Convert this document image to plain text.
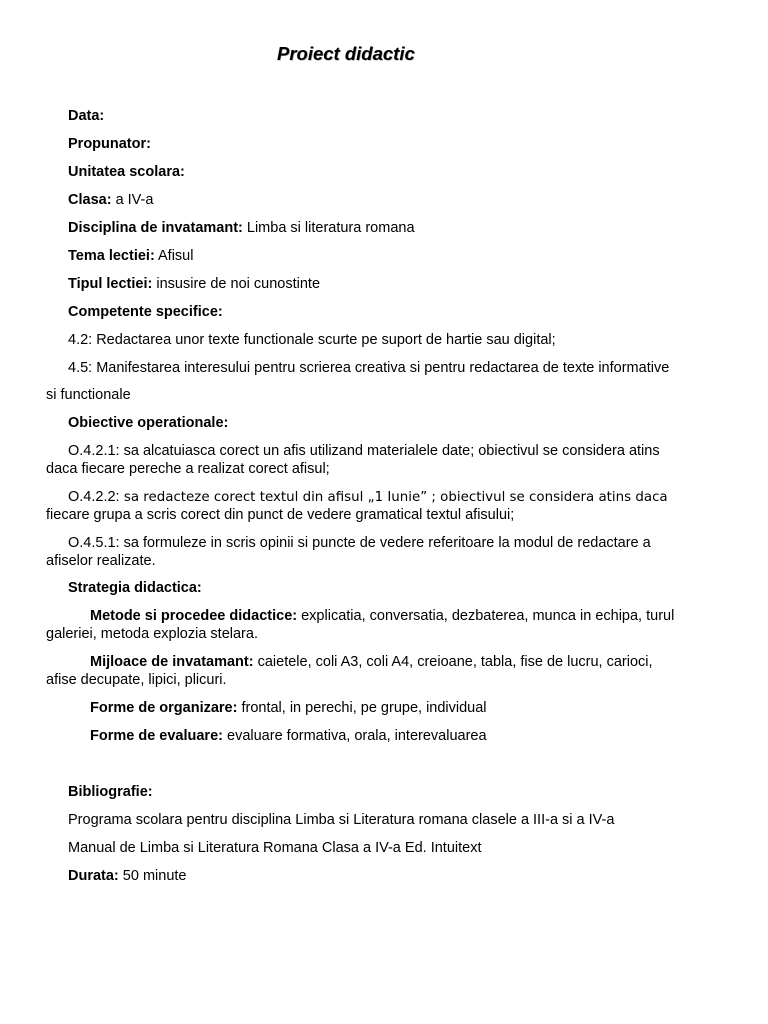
Proiect didactic
Data:
Propunator:
Unitatea scolara:
Clasa: a IV-a
Disciplina de invatamant: Limba si literatura romana
Tema lectiei: Afisul
Tipul lectiei: insusire de noi cunostinte
Competente specifice:
4.2: Redactarea unor texte functionale scurte pe suport de hartie sau digital;
4.5: Manifestarea interesului pentru scrierea creativa si pentru redactarea de texte informative
si functionale
Obiective operationale:
O.4.2.1: sa alcatuiasca corect un afis utilizand materialele date; obiectivul se considera atins
daca fiecare pereche a realizat corect afisul;
O.4.2.2: sa redacteze corect textul din afisul „1 Iunie” ; obiectivul se considera atins daca
fiecare grupa a scris corect din punct de vedere gramatical textul afisului;
O.4.5.1: sa formuleze in scris opinii si puncte de vedere referitoare la modul de redactare a
afiselor realizate.
Strategia didactica:
Metode si procedee didactice: explicatia, conversatia, dezbaterea, munca in echipa, turul
galeriei, metoda explozia stelara.
Mijloace de invatamant: caietele, coli A3, coli A4, creioane, tabla, fise de lucru, carioci,
afise decupate, lipici, plicuri.
Forme de organizare: frontal, in perechi, pe grupe, individual
Forme de evaluare: evaluare formativa, orala, interevaluarea
Bibliografie:
Programa scolara pentru disciplina Limba si Literatura romana clasele a III-a si a IV-a
Manual de Limba si Literatura Romana Clasa a IV-a Ed. Intuitext
Durata: 50 minute
